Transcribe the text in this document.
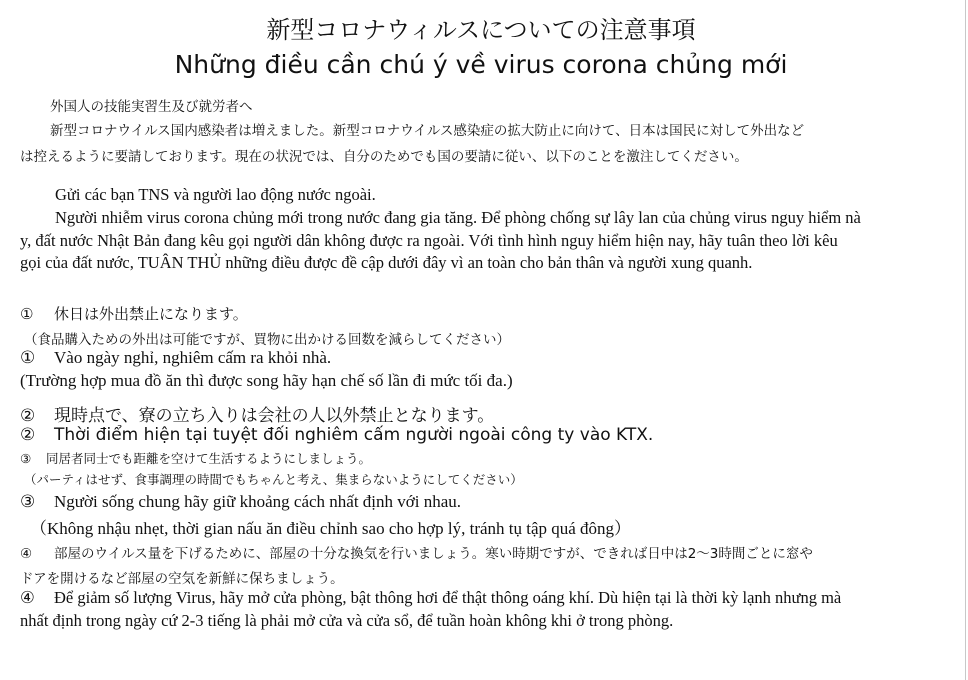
新型コロナウィルスについての注意事項

Những điều cần chú ý về virus corona chủng mới

外国人の技能実習生及び就労者へ

新型コロナウイルス国内感染者は増えました。新型コロナウイルス感染症の拡大防止に向けて、日本は国民に対して外出など

は控えるように要請しております。現在の状況では、自分のためでも国の要請に従い、以下のことを激注してください。

Gửi các bạn TNS và người lao động nước ngoài.

Người nhiễm virus corona chủng mới trong nước đang gia tăng. Để phòng chống sự lây lan của chủng virus nguy hiểm nà

y, đất nước Nhật Bản đang kêu gọi người dân không được ra ngoài. Với tình hình nguy hiểm hiện nay, hãy tuân theo lời kêu

gọi của đất nước, TUÂN THỦ những điều được đề cập dưới đây vì an toàn cho bản thân và người xung quanh.

① 休日は外出禁止になります。

（食品購入ための外出は可能ですが、買物に出かける回数を減らしてください）

① Vào ngày nghỉ, nghiêm cấm ra khỏi nhà.

(Trường hợp mua đồ ăn thì được song hãy hạn chế số lần đi mức tối đa.)

② 現時点で、寮の立ち入りは会社の人以外禁止となります。

② Thời điểm hiện tại tuyệt đối nghiêm cấm người ngoài công ty vào KTX.

③ 同居者同士でも距離を空けて生活するようにしましょう。

（パーティはせず、食事調理の時間でもちゃんと考え、集まらないようにしてください）

③ Người sống chung hãy giữ khoảng cách nhất định với nhau.

（Không nhậu nhẹt, thời gian nấu ăn điều chỉnh sao cho hợp lý, tránh tụ tập quá đông）

④ 部屋のウイルス量を下げるために、部屋の十分な換気を行いましょう。寒い時期ですが、できれば日中は2～3時間ごとに窓や

ドアを開けるなど部屋の空気を新鮮に保ちましょう。

④ Để giảm số lượng Virus, hãy mở cửa phòng, bật thông hơi để thật thông oáng khí. Dù hiện tại là thời kỳ lạnh nhưng mà

nhất định trong ngày cứ 2-3 tiếng là phải mở cửa và cửa sổ, để tuần hoàn không khi ở trong phòng.
